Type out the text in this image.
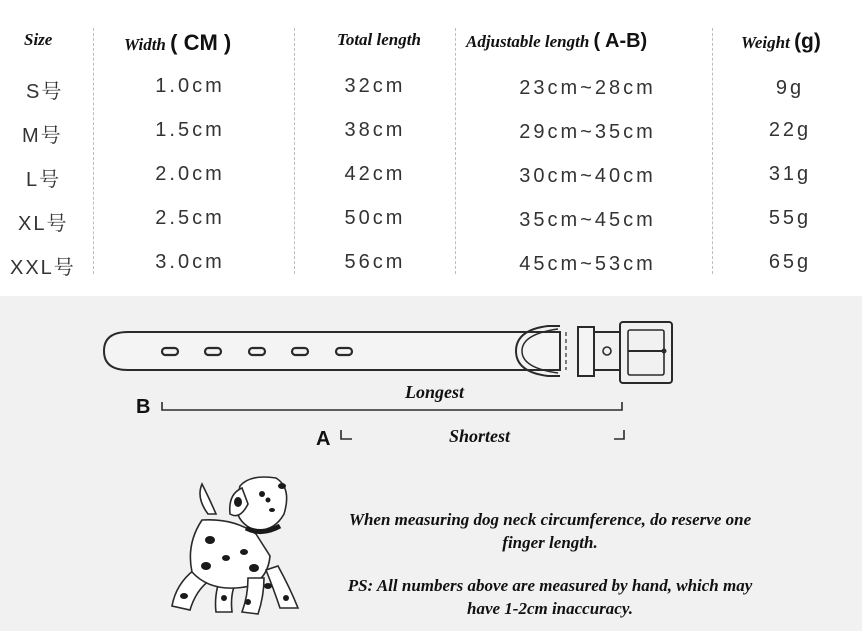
Size	Width ( CM )	Total length	Adjustable length ( A-B)	Weight (g)
S号	1.0cm	32cm	23cm~28cm	9g
M号	1.5cm	38cm	29cm~35cm	22g
L号	2.0cm	42cm	30cm~40cm	31g
XL号	2.5cm	50cm	35cm~45cm	55g
XXL号	3.0cm	56cm	45cm~53cm	65g
B
A
Longest
Shortest
When measuring dog neck circumference, do reserve one finger length.
PS: All numbers above are measured by hand, which may have 1-2cm inaccuracy.
